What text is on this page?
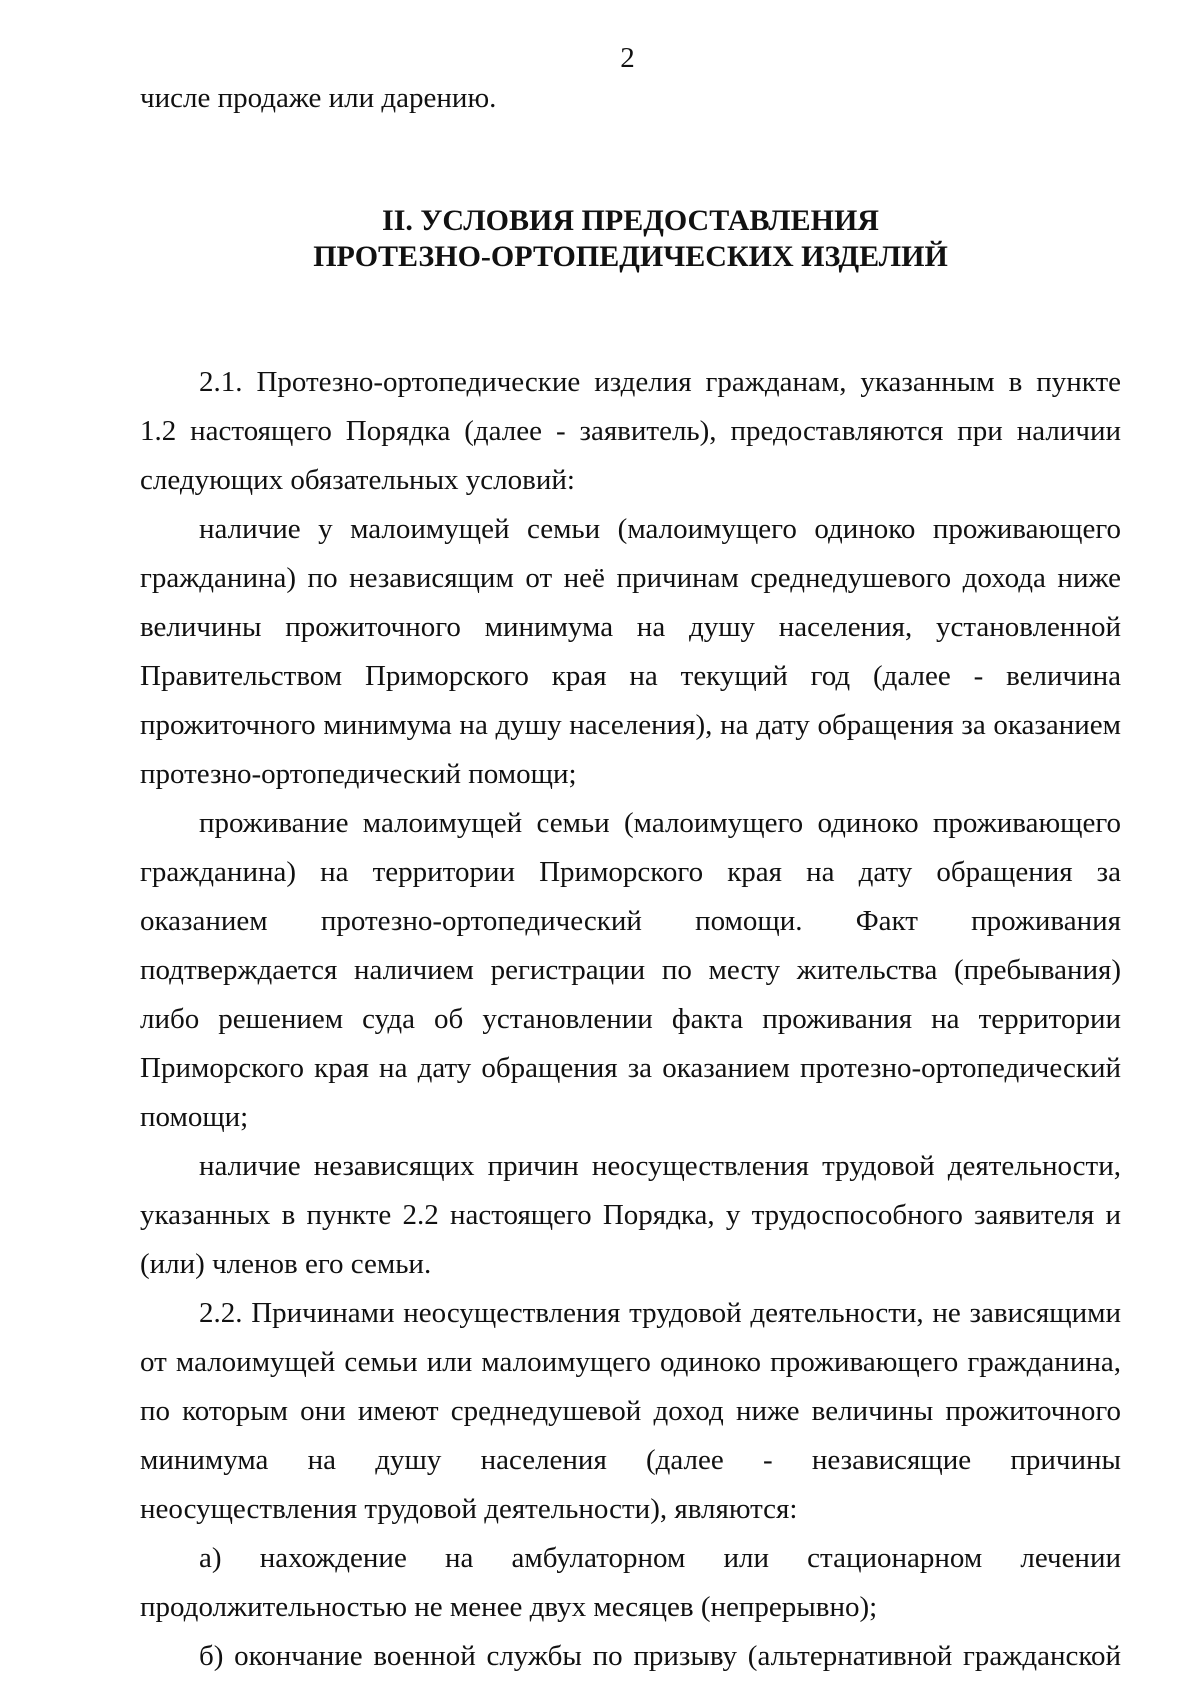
2

числе продаже или дарению.

II. УСЛОВИЯ ПРЕДОСТАВЛЕНИЯ
ПРОТЕЗНО-ОРТОПЕДИЧЕСКИХ ИЗДЕЛИЙ

2.1. Протезно-ортопедические изделия гражданам, указанным в пункте 1.2 настоящего Порядка (далее - заявитель), предоставляются при наличии следующих обязательных условий:

наличие у малоимущей семьи (малоимущего одиноко проживающего гражданина) по независящим от неё причинам среднедушевого дохода ниже величины прожиточного минимума на душу населения, установленной Правительством Приморского края на текущий год (далее - величина прожиточного минимума на душу населения), на дату обращения за оказанием протезно-ортопедический помощи;

проживание малоимущей семьи (малоимущего одиноко проживающего гражданина) на территории Приморского края на дату обращения за оказанием протезно-ортопедический помощи. Факт проживания подтверждается наличием регистрации по месту жительства (пребывания) либо решением суда об установлении факта проживания на территории Приморского края на дату обращения за оказанием протезно-ортопедический помощи;

наличие независящих причин неосуществления трудовой деятельности, указанных в пункте 2.2 настоящего Порядка, у трудоспособного заявителя и (или) членов его семьи.

2.2. Причинами неосуществления трудовой деятельности, не зависящими от малоимущей семьи или малоимущего одиноко проживающего гражданина, по которым они имеют среднедушевой доход ниже величины прожиточного минимума на душу населения (далее - независящие причины неосуществления трудовой деятельности), являются:

а) нахождение на амбулаторном или стационарном лечении продолжительностью не менее двух месяцев (непрерывно);

б) окончание военной службы по призыву (альтернативной гражданской
